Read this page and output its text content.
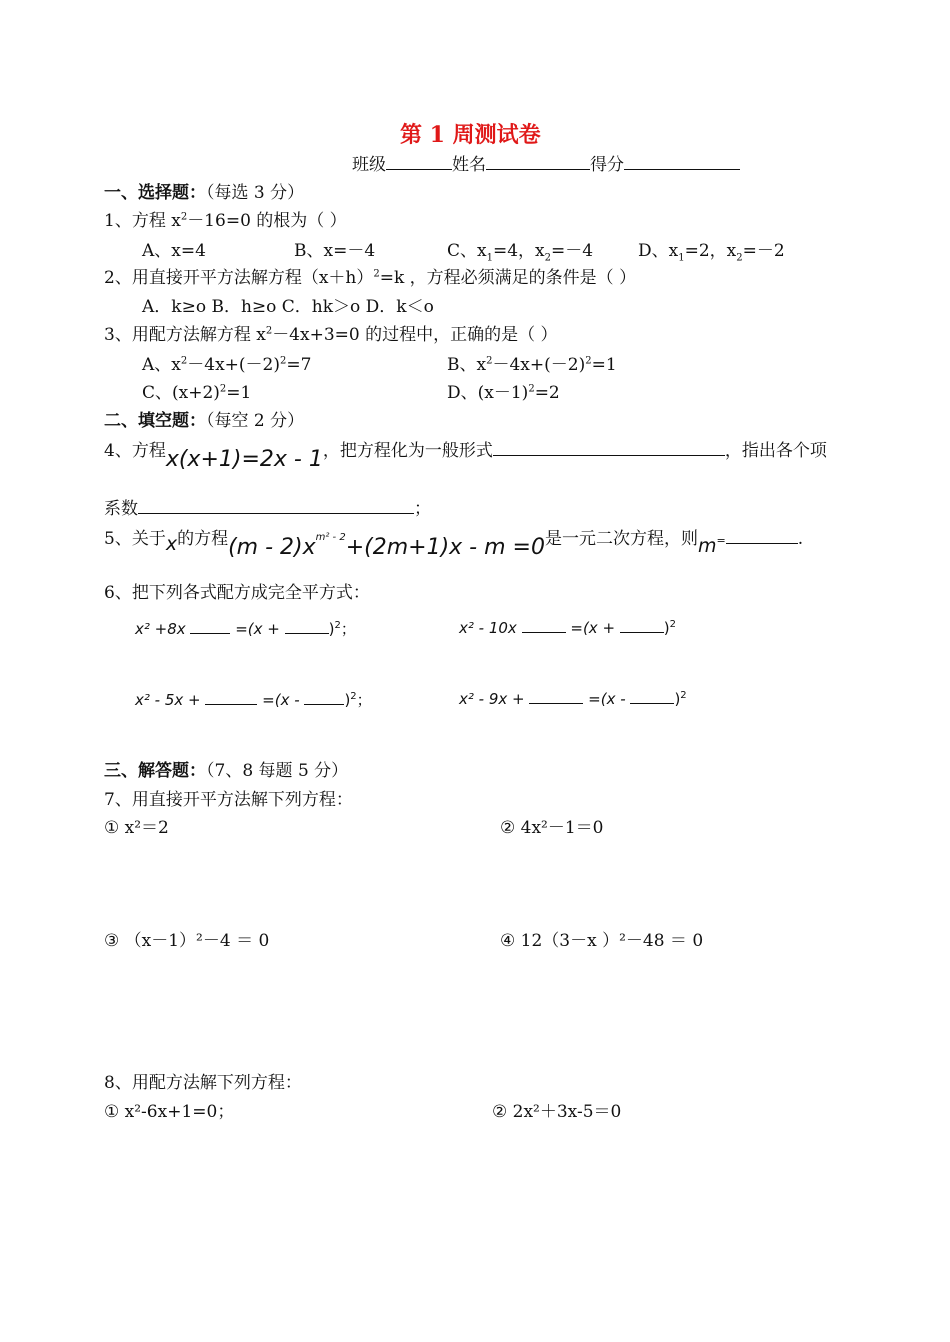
第 1 周测试卷
班级	姓名	得分
一、选择题：（每选 3 分）
1、方程 $x^2-16=0$ 的根为（ ）
A、x=4	B、x=－4	C、$x_1=4$，$x_2=-4$	D、$x_1=2$，$x_2=-2$
2、用直接开平方法解方程$(x+h)^2=k$ ，方程必须满足的条件是（ ）
A．k≥o B．h≥o C．hk＞o D．k＜o
3、用配方法解方程 $x^2-4x+3=0$ 的过程中，正确的是（ ）
A、$x^2-4x+(-2)^2=7$	B、$x^2-4x+(-2)^2=1$
C、$(x+2)^2=1$	D、$(x-1)^2=2$
二、填空题：（每空 2 分）
4、方程x(x+1)=2x - 1，把方程化为一般形式	，指出各个项
系数	；
5、关于x的方程$(m - 2)x^{m^2 - 2}+(2m+1)x - m =0$是一元二次方程，则m=	.
6、把下列各式配方成完全平方式：
x² +8x	=(x +	)$^2$；	x² - 10x	=(x +	)$^2$
x² - 5x +	=(x -	)$^2$；	x² - 9x +	=(x -	)$^2$
三、解答题：（7、8 每题 5 分）
7、用直接开平方法解下列方程：
① x²＝2	② 4x²－1＝0
③ （x－1）²－4 ＝ 0	④ 12（3－x ）²－48 ＝ 0
8、用配方法解下列方程：
① x²-6x+1=0；	② 2x²＋3x-5＝0
